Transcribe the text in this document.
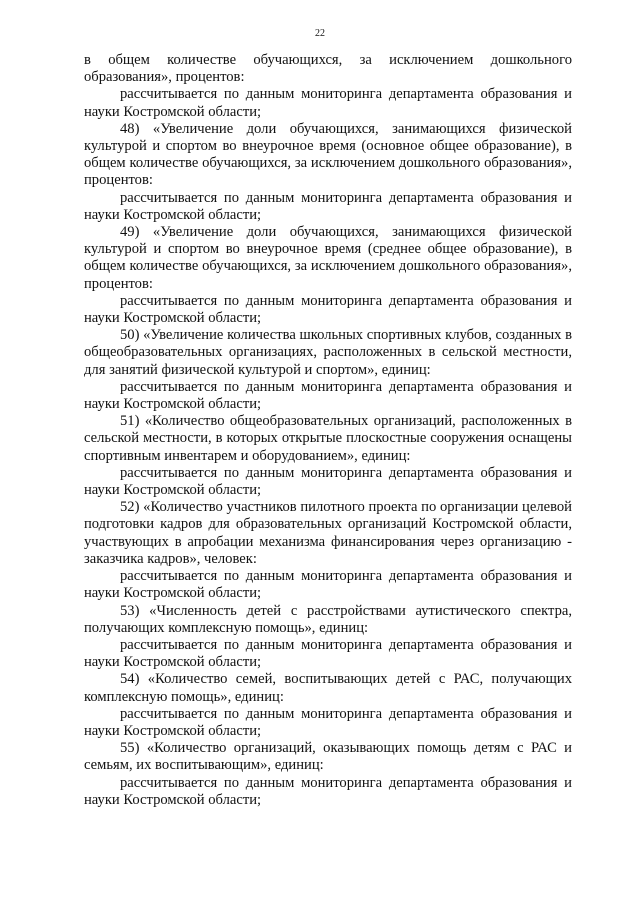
22

в общем количестве обучающихся, за исключением дошкольного образования», процентов:

рассчитывается по данным мониторинга департамента образования и науки Костромской области;

48) «Увеличение доли обучающихся, занимающихся физической культурой и спортом во внеурочное время (основное общее образование), в общем количестве обучающихся, за исключением дошкольного образования», процентов:

рассчитывается по данным мониторинга департамента образования и науки Костромской области;

49) «Увеличение доли обучающихся, занимающихся физической культурой и спортом во внеурочное время (среднее общее образование), в общем количестве обучающихся, за исключением дошкольного образования», процентов:

рассчитывается по данным мониторинга департамента образования и науки Костромской области;

50) «Увеличение количества школьных спортивных клубов, созданных в общеобразовательных организациях, расположенных в сельской местности, для занятий физической культурой и спортом», единиц:

рассчитывается по данным мониторинга департамента образования и науки Костромской области;

51) «Количество общеобразовательных организаций, расположенных в сельской местности, в которых открытые плоскостные сооружения оснащены спортивным инвентарем и оборудованием», единиц:

рассчитывается по данным мониторинга департамента образования и науки Костромской области;

52) «Количество участников пилотного проекта по организации целевой подготовки кадров для образовательных организаций Костромской области, участвующих в апробации механизма финансирования через организацию - заказчика кадров», человек:

рассчитывается по данным мониторинга департамента образования и науки Костромской области;

53) «Численность детей с расстройствами аутистического спектра, получающих комплексную помощь», единиц:

рассчитывается по данным мониторинга департамента образования и науки Костромской области;

54) «Количество семей, воспитывающих детей с РАС, получающих комплексную помощь», единиц:

рассчитывается по данным мониторинга департамента образования и науки Костромской области;

55) «Количество организаций, оказывающих помощь детям с РАС и семьям, их воспитывающим», единиц:

рассчитывается по данным мониторинга департамента образования и науки Костромской области;
